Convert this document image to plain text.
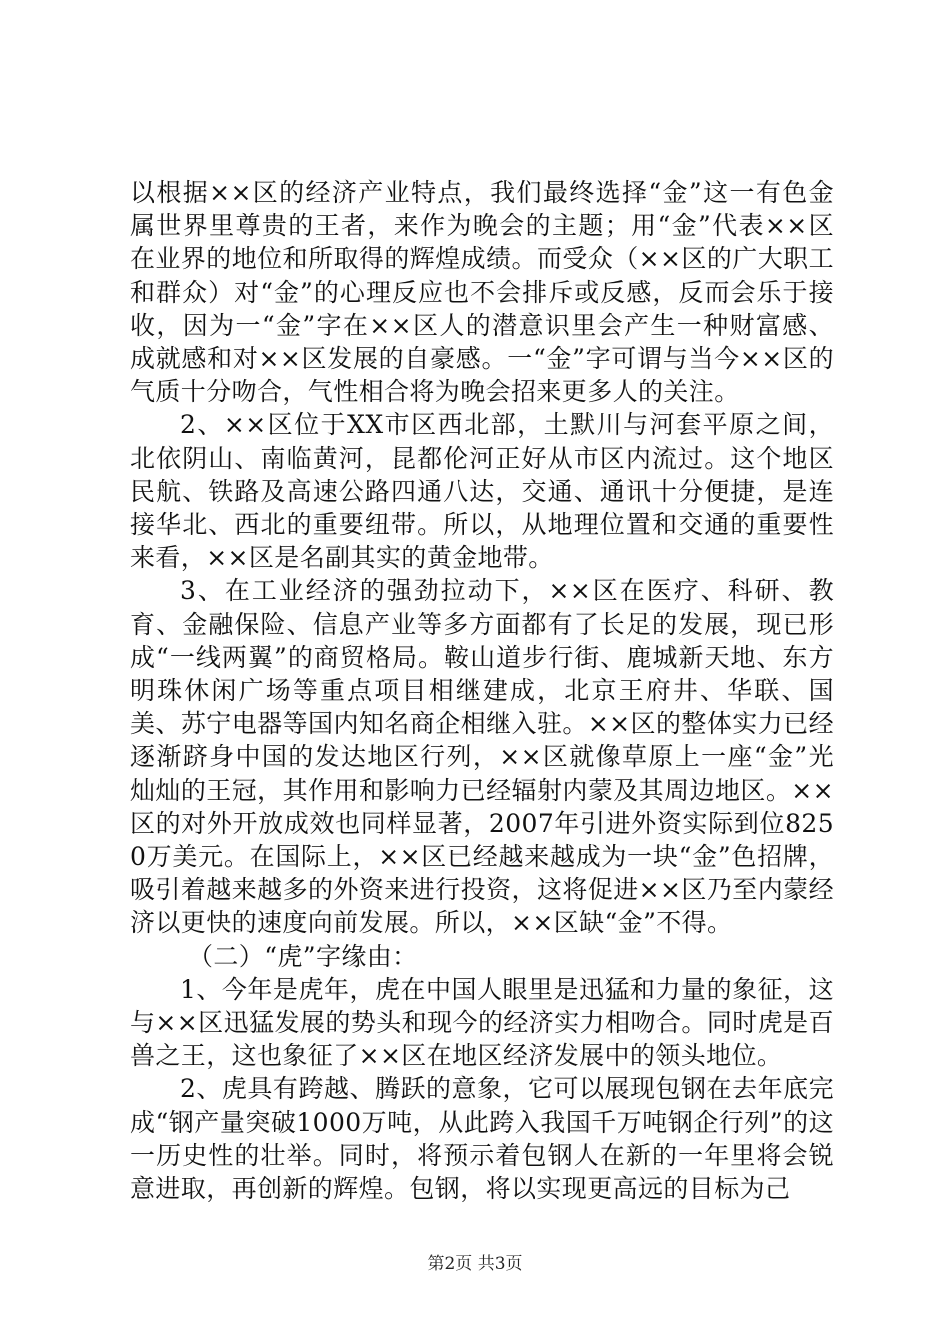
以根据××区的经济产业特点，我们最终选择“金”这一有色金属世界里尊贵的王者，来作为晚会的主题；用“金”代表××区在业界的地位和所取得的辉煌成绩。而受众（××区的广大职工和群众）对“金”的心理反应也不会排斥或反感，反而会乐于接收，因为一“金”字在××区人的潜意识里会产生一种财富感、成就感和对××区发展的自豪感。一“金”字可谓与当今××区的气质十分吻合，气性相合将为晚会招来更多人的关注。

2、××区位于XX市区西北部，土默川与河套平原之间，北依阴山、南临黄河，昆都伦河正好从市区内流过。这个地区民航、铁路及高速公路四通八达，交通、通讯十分便捷，是连接华北、西北的重要纽带。所以，从地理位置和交通的重要性来看，××区是名副其实的黄金地带。

3、在工业经济的强劲拉动下，××区在医疗、科研、教育、金融保险、信息产业等多方面都有了长足的发展，现已形成“一线两翼”的商贸格局。鞍山道步行街、鹿城新天地、东方明珠休闲广场等重点项目相继建成，北京王府井、华联、国美、苏宁电器等国内知名商企相继入驻。××区的整体实力已经逐渐跻身中国的发达地区行列，××区就像草原上一座“金”光灿灿的王冠，其作用和影响力已经辐射内蒙及其周边地区。××区的对外开放成效也同样显著，2007年引进外资实际到位8250万美元。在国际上，××区已经越来越成为一块“金”色招牌，吸引着越来越多的外资来进行投资，这将促进××区乃至内蒙经济以更快的速度向前发展。所以，××区缺“金”不得。

（二）“虎”字缘由：

1、今年是虎年，虎在中国人眼里是迅猛和力量的象征，这与××区迅猛发展的势头和现今的经济实力相吻合。同时虎是百兽之王，这也象征了××区在地区经济发展中的领头地位。

2、虎具有跨越、腾跃的意象，它可以展现包钢在去年底完成“钢产量突破1000万吨，从此跨入我国千万吨钢企行列”的这一历史性的壮举。同时，将预示着包钢人在新的一年里将会锐意进取，再创新的辉煌。包钢，将以实现更高远的目标为己

第2页 共3页
